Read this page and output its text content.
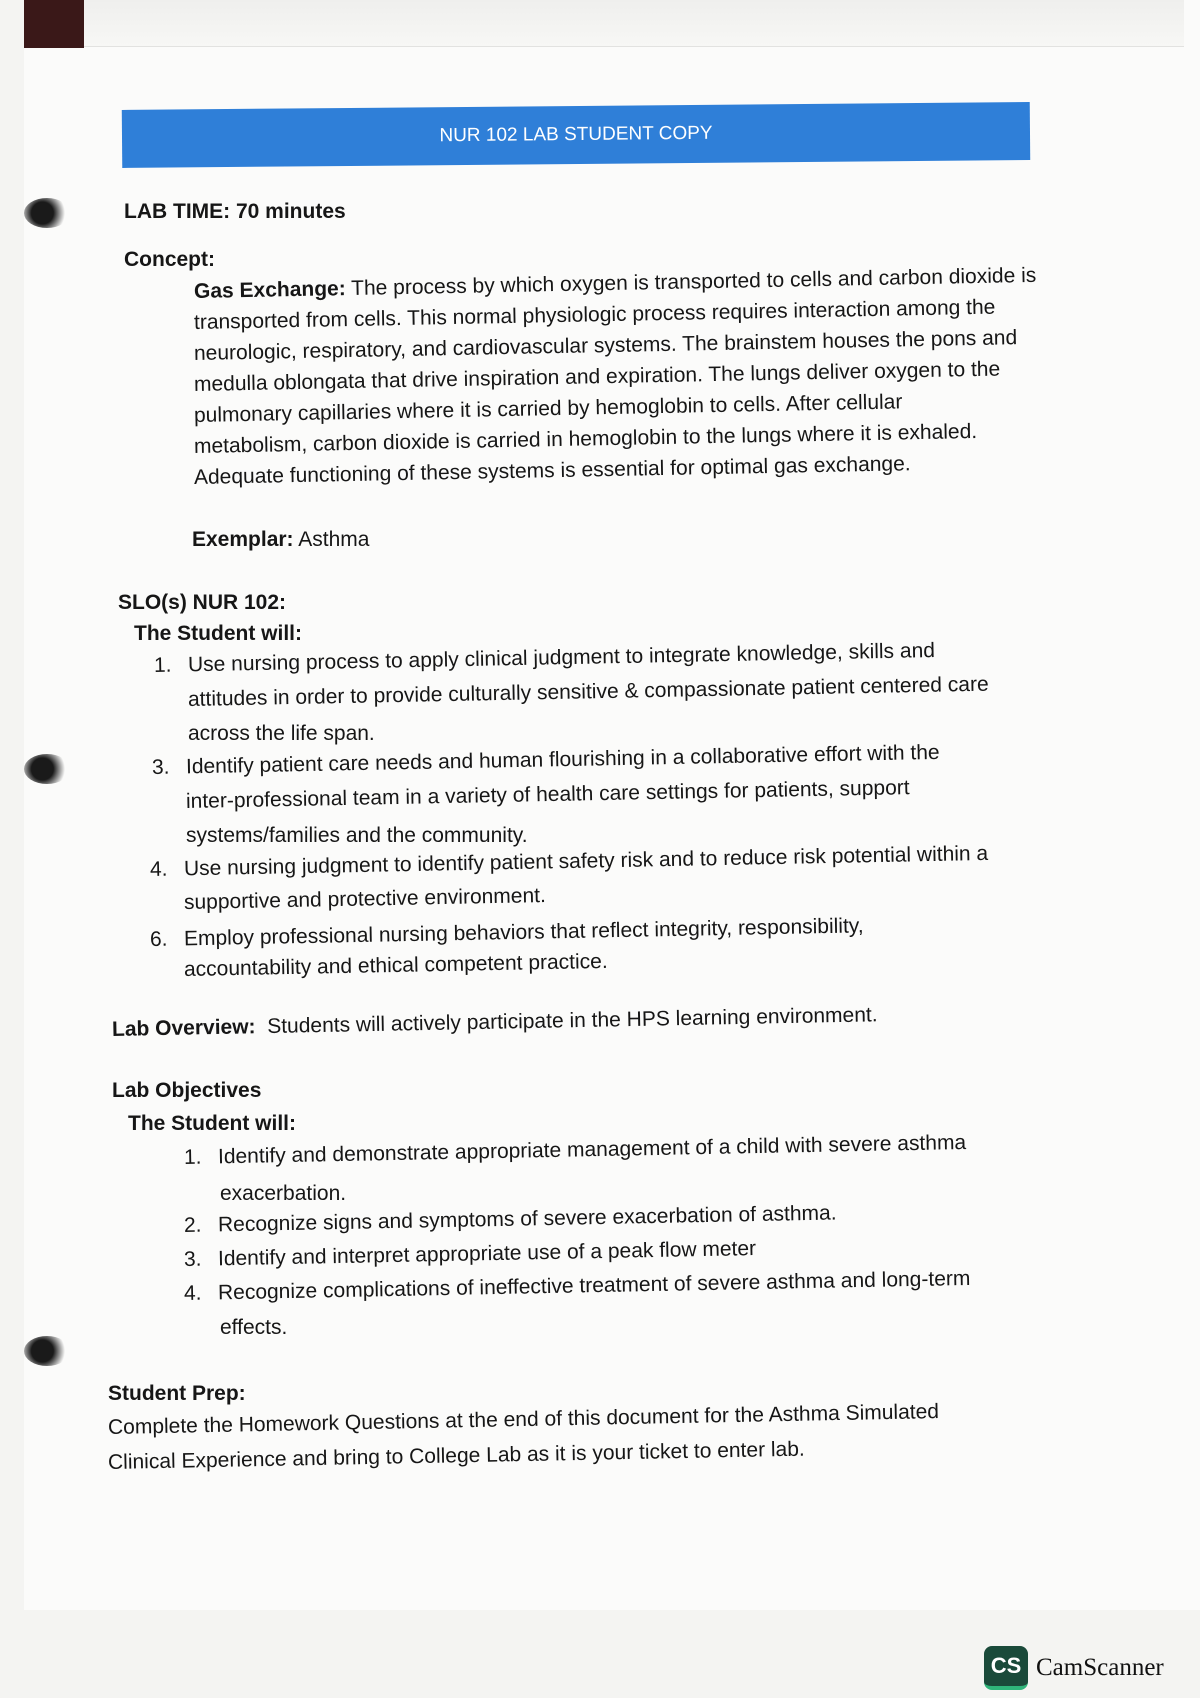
NUR 102 LAB STUDENT COPY
LAB TIME: 70 minutes
Concept:
Gas Exchange: The process by which oxygen is transported to cells and carbon dioxide is
transported from cells. This normal physiologic process requires interaction among the
neurologic, respiratory, and cardiovascular systems. The brainstem houses the pons and
medulla oblongata that drive inspiration and expiration. The lungs deliver oxygen to the
pulmonary capillaries where it is carried by hemoglobin to cells. After cellular
metabolism, carbon dioxide is carried in hemoglobin to the lungs where it is exhaled.
Adequate functioning of these systems is essential for optimal gas exchange.
Exemplar: Asthma
SLO(s) NUR 102:
The Student will:
1. Use nursing process to apply clinical judgment to integrate knowledge, skills and
attitudes in order to provide culturally sensitive & compassionate patient centered care
across the life span.
3. Identify patient care needs and human flourishing in a collaborative effort with the
inter-professional team in a variety of health care settings for patients, support
systems/families and the community.
4. Use nursing judgment to identify patient safety risk and to reduce risk potential within a
supportive and protective environment.
6. Employ professional nursing behaviors that reflect integrity, responsibility,
accountability and ethical competent practice.
Lab Overview: Students will actively participate in the HPS learning environment.
Lab Objectives
The Student will:
1. Identify and demonstrate appropriate management of a child with severe asthma
exacerbation.
2. Recognize signs and symptoms of severe exacerbation of asthma.
3. Identify and interpret appropriate use of a peak flow meter
4. Recognize complications of ineffective treatment of severe asthma and long-term
effects.
Student Prep:
Complete the Homework Questions at the end of this document for the Asthma Simulated
Clinical Experience and bring to College Lab as it is your ticket to enter lab.
CS CamScanner
